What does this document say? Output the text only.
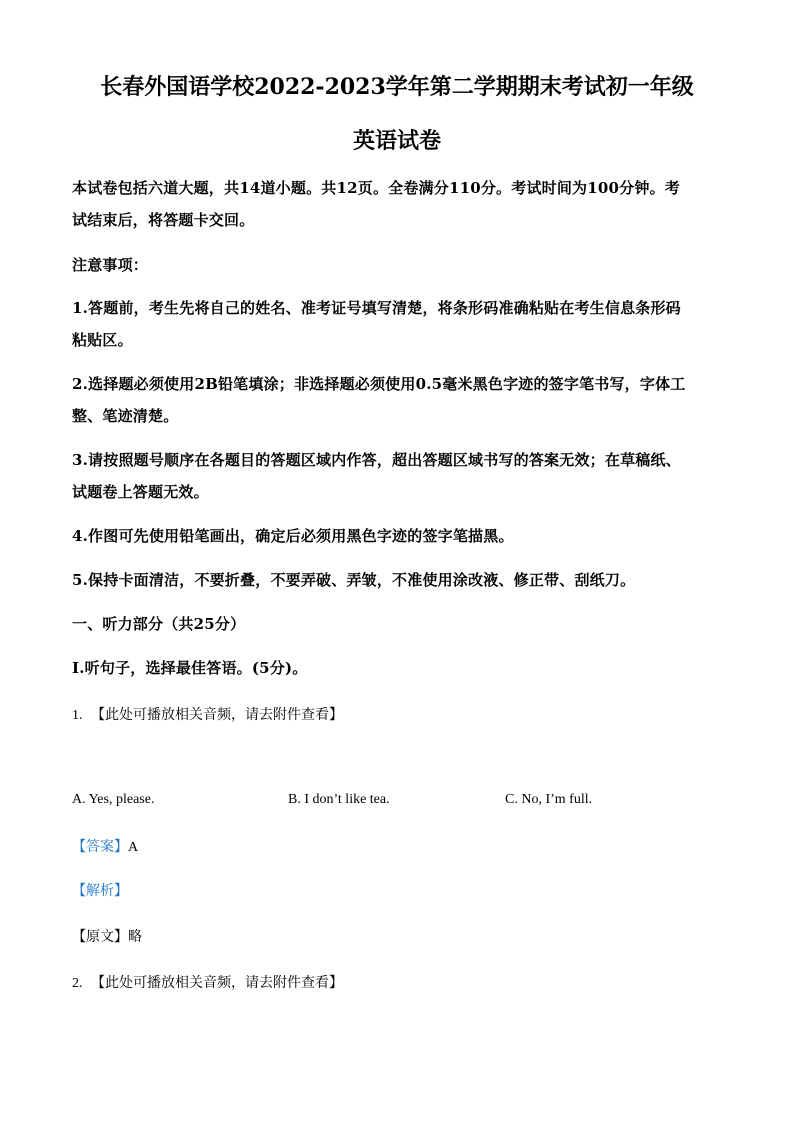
长春外国语学校2022-2023学年第二学期期末考试初一年级
英语试卷
本试卷包括六道大题，共14道小题。共12页。全卷满分110分。考试时间为100分钟。考
试结束后，将答题卡交回。
注意事项：
1.答题前，考生先将自己的姓名、准考证号填写清楚，将条形码准确粘贴在考生信息条形码
粘贴区。
2.选择题必须使用2B铅笔填涂；非选择题必须使用0.5毫米黑色字迹的签字笔书写，字体工
整、笔迹清楚。
3.请按照题号顺序在各题目的答题区域内作答，超出答题区域书写的答案无效；在草稿纸、
试题卷上答题无效。
4.作图可先使用铅笔画出，确定后必须用黑色字迹的签字笔描黑。
5.保持卡面清洁，不要折叠，不要弄破、弄皱，不准使用涂改液、修正带、刮纸刀。
一、听力部分（共25分）
I.听句子，选择最佳答语。(5分)。
1. 【此处可播放相关音频，请去附件查看】
A. Yes, please.	B. I don’t like tea.	C. No, I’m full.
【答案】A
【解析】
【原文】略
2. 【此处可播放相关音频，请去附件查看】
